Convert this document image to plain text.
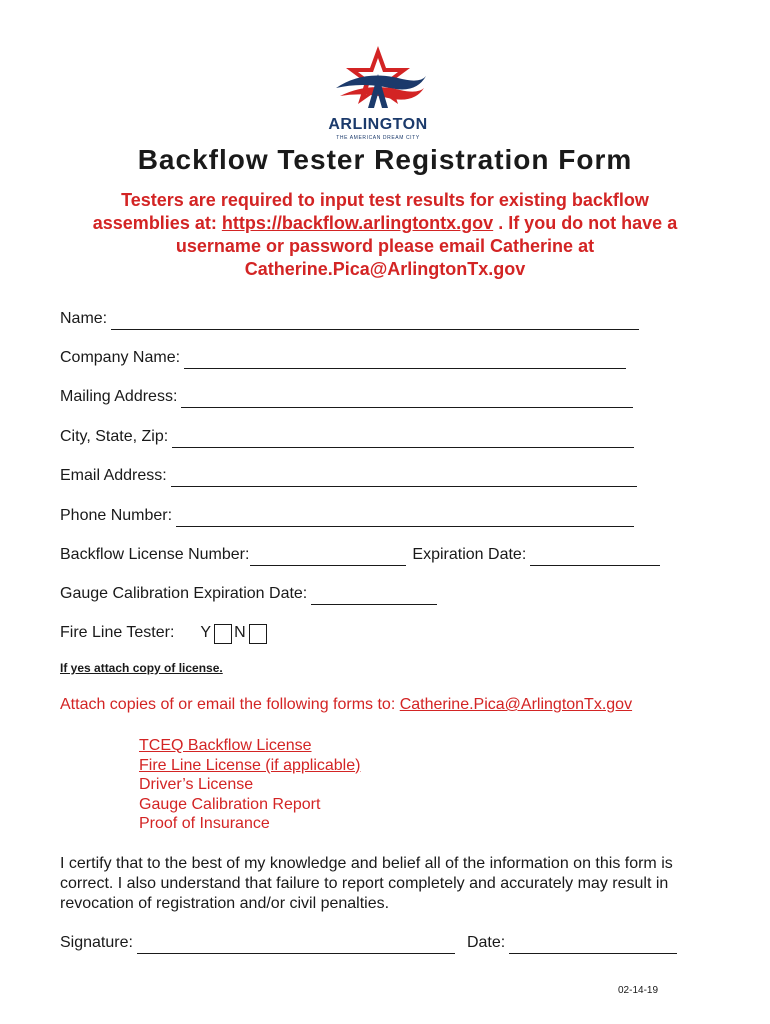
ARLINGTON
THE AMERICAN DREAM CITY
Backflow Tester Registration Form
Testers are required to input test results for existing backflow assemblies at: https://backflow.arlingtontx.gov . If you do not have a username or password please email Catherine at Catherine.Pica@ArlingtonTx.gov
Name:
Company Name:
Mailing Address:
City, State, Zip:
Email Address:
Phone Number:
Backflow License Number:	Expiration Date:
Gauge Calibration Expiration Date:
Fire Line Tester: Y N
If yes attach copy of license.
Attach copies of or email the following forms to: Catherine.Pica@ArlingtonTx.gov
TCEQ Backflow License
Fire Line License (if applicable)
Driver’s License
Gauge Calibration Report
Proof of Insurance
I certify that to the best of my knowledge and belief all of the information on this form is correct. I also understand that failure to report completely and accurately may result in revocation of registration and/or civil penalties.
Signature:	Date:
02-14-19
